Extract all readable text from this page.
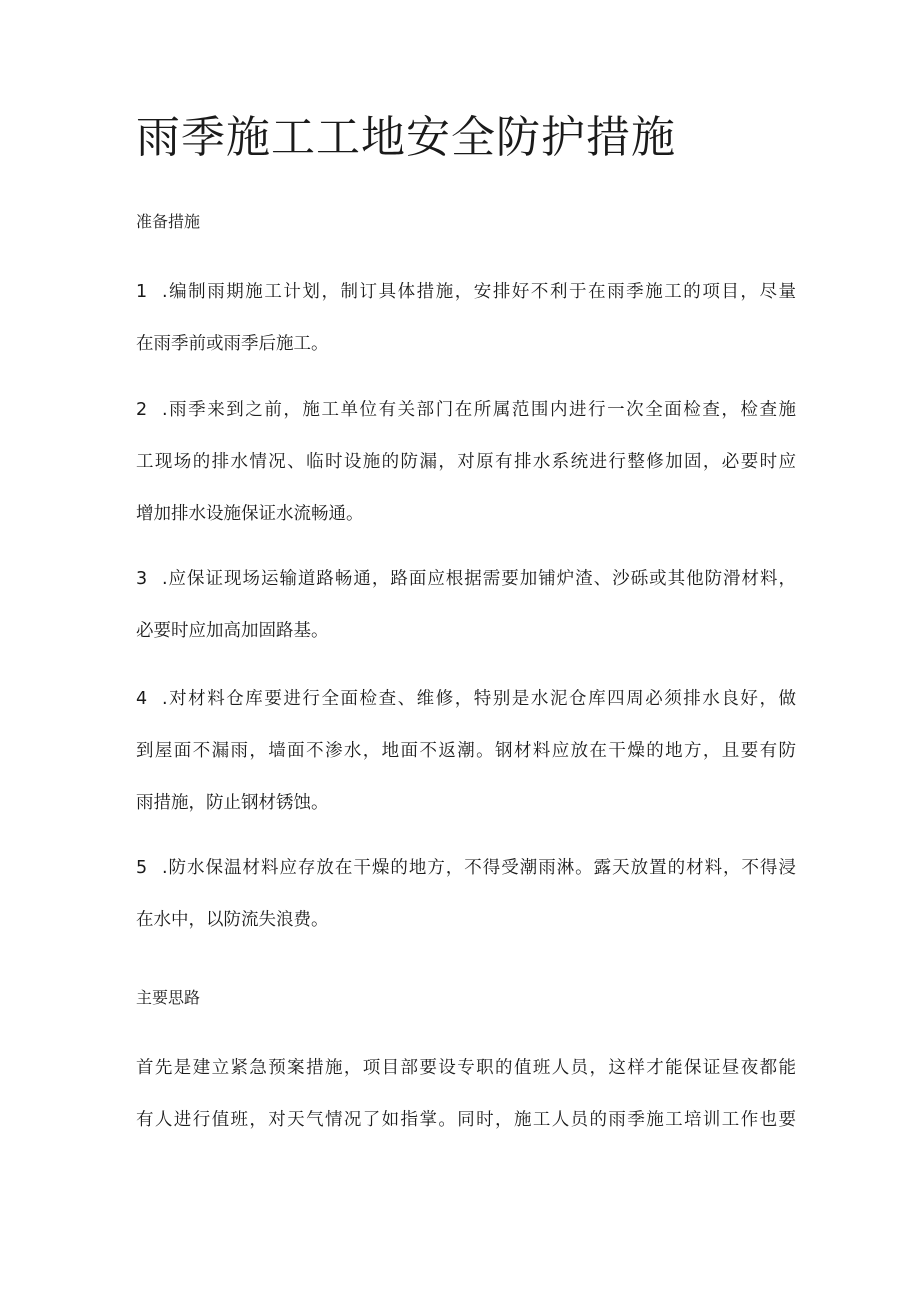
雨季施工工地安全防护措施
准备措施
1 .编制雨期施工计划，制订具体措施，安排好不利于在雨季施工的项目，尽量
在雨季前或雨季后施工。
2 .雨季来到之前，施工单位有关部门在所属范围内进行一次全面检查，检查施
工现场的排水情况、临时设施的防漏，对原有排水系统进行整修加固，必要时应
增加排水设施保证水流畅通。
3 .应保证现场运输道路畅通，路面应根据需要加铺炉渣、沙砾或其他防滑材料，
必要时应加高加固路基。
4 .对材料仓库要进行全面检查、维修，特别是水泥仓库四周必须排水良好，做
到屋面不漏雨，墙面不渗水，地面不返潮。钢材料应放在干燥的地方，且要有防
雨措施，防止钢材锈蚀。
5 .防水保温材料应存放在干燥的地方，不得受潮雨淋。露天放置的材料，不得浸
在水中，以防流失浪费。
主要思路
首先是建立紧急预案措施，项目部要设专职的值班人员，这样才能保证昼夜都能
有人进行值班，对天气情况了如指掌。同时，施工人员的雨季施工培训工作也要
